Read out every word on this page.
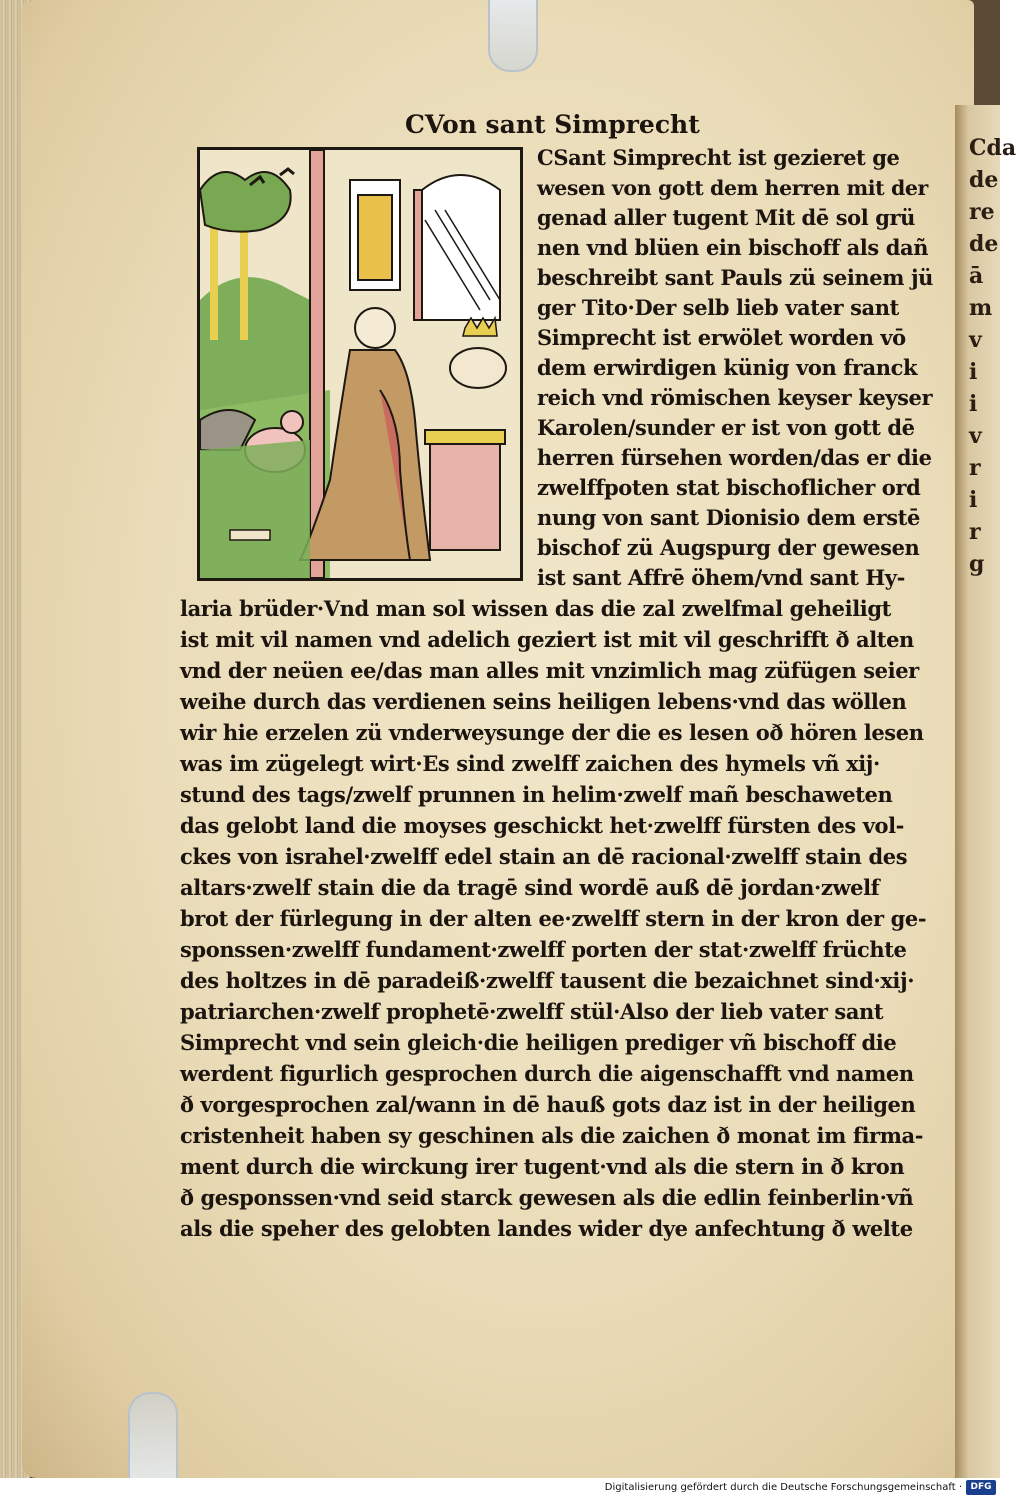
Cda
de
re
de
ā
m
v
i
i
v
r
i
r
g
CVon sant Simprecht
CSant Simprecht ist gezieret ge
wesen von gott dem herren mit der
genad aller tugent Mit dē sol grü
nen vnd blüen ein bischoff als dañ
beschreibt sant Pauls zü seinem jü
ger Tito·Der selb lieb vater sant
Simprecht ist erwölet worden vō
dem erwirdigen künig von franck
reich vnd römischen keyser keyser
Karolen/sunder er ist von gott dē
herren fürsehen worden/das er die
zwelffpoten stat bischoflicher ord
nung von sant Dionisio dem erstē
bischof zü Augspurg der gewesen
ist sant Affrē öhem/vnd sant Hy-
laria brüder·Vnd man sol wissen das die zal zwelfmal geheiligt
ist mit vil namen vnd adelich geziert ist mit vil geschrifft ð alten
vnd der neüen ee/das man alles mit vnzimlich mag züfügen seier
weihe durch das verdienen seins heiligen lebens·vnd das wöllen
wir hie erzelen zü vnderweysunge der die es lesen oð hören lesen
was im zügelegt wirt·Es sind zwelff zaichen des hymels vñ xij·
stund des tags/zwelf prunnen in helim·zwelf mañ beschaweten
das gelobt land die moyses geschickt het·zwelff fürsten des vol-
ckes von israhel·zwelff edel stain an dē racional·zwelff stain des
altars·zwelf stain die da tragē sind wordē auß dē jordan·zwelf
brot der fürlegung in der alten ee·zwelff stern in der kron der ge-
sponssen·zwelff fundament·zwelff porten der stat·zwelff früchte
des holtzes in dē paradeiß·zwelff tausent die bezaichnet sind·xij·
patriarchen·zwelf prophetē·zwelff stül·Also der lieb vater sant
Simprecht vnd sein gleich·die heiligen prediger vñ bischoff die
werdent figurlich gesprochen durch die aigenschafft vnd namen
ð vorgesprochen zal/wann in dē hauß gots daz ist in der heiligen
cristenheit haben sy geschinen als die zaichen ð monat im firma-
ment durch die wirckung irer tugent·vnd als die stern in ð kron
ð gesponssen·vnd seid starck gewesen als die edlin feinberlin·vñ
als die speher des gelobten landes wider dye anfechtung ð welte
Digitalisierung gefördert durch die Deutsche Forschungsgemeinschaft · DFG
